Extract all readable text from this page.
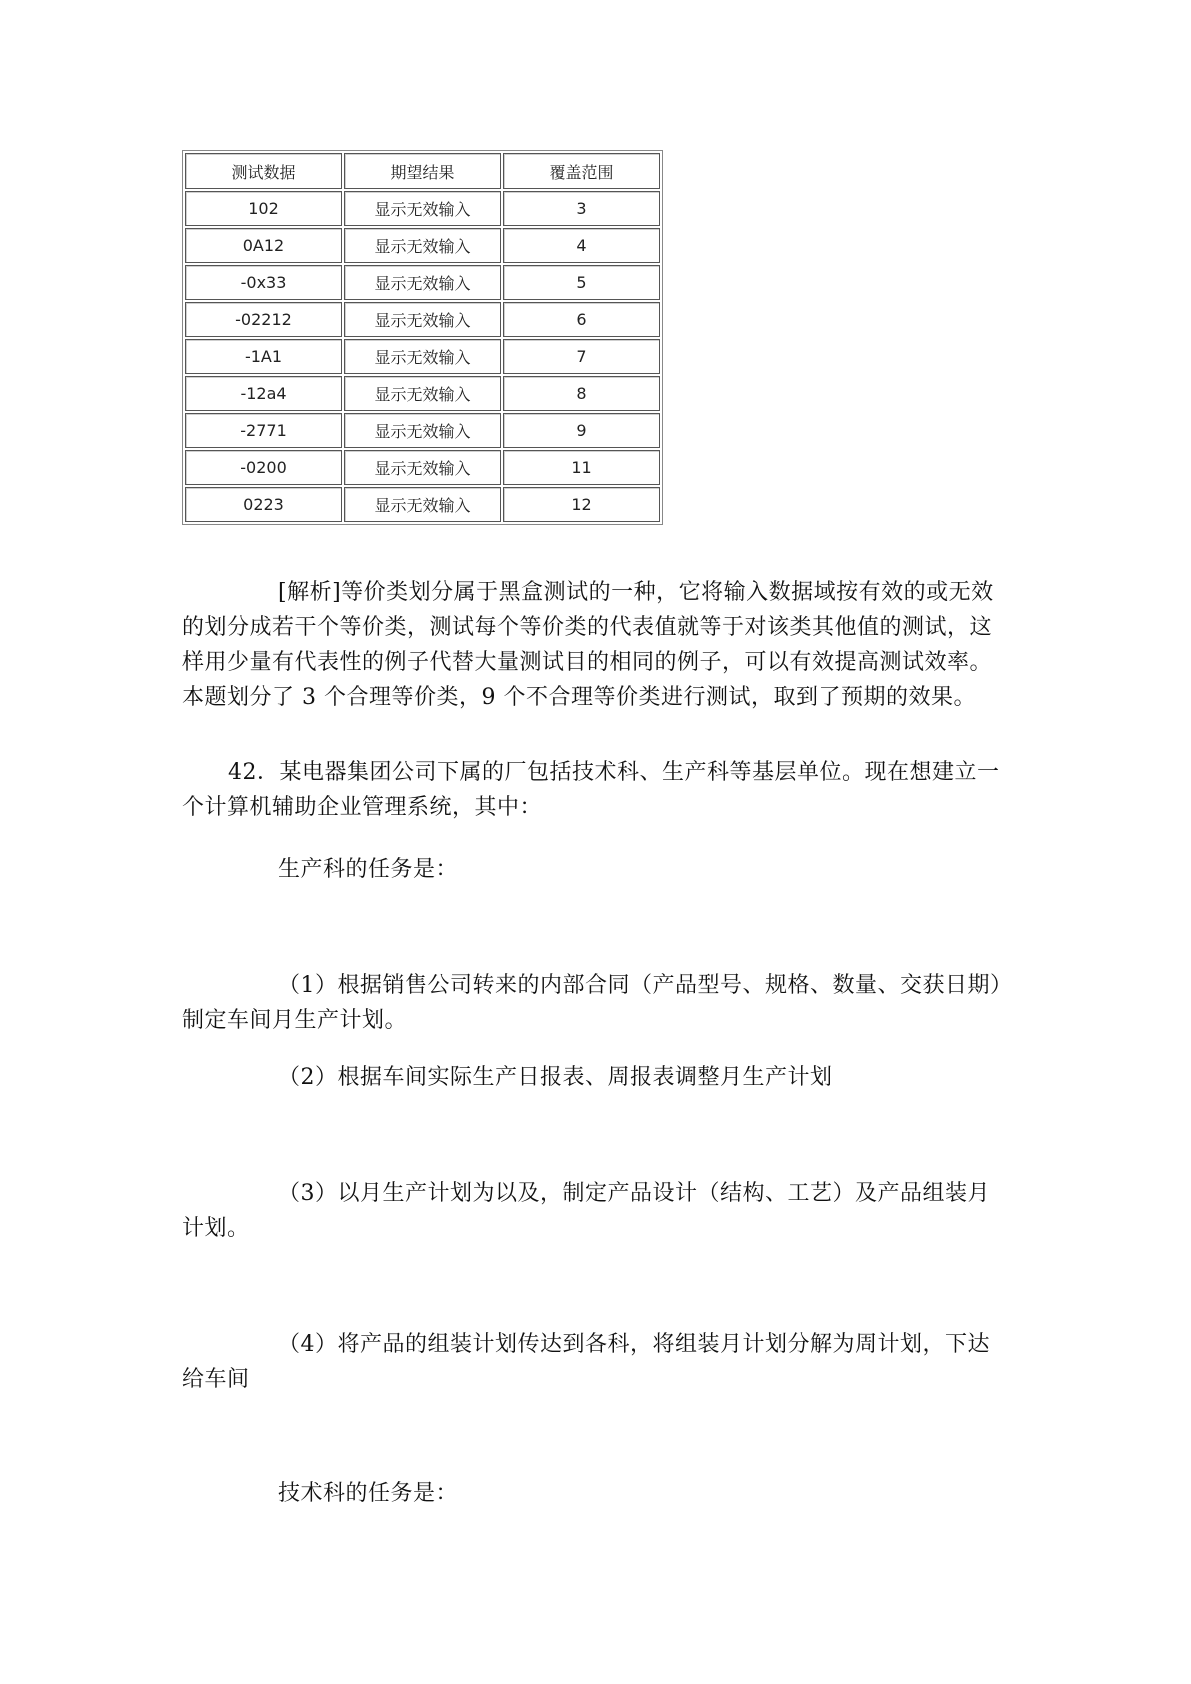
测试数据	期望结果	覆盖范围
102	显示无效输入	3
0A12	显示无效输入	4
-0x33	显示无效输入	5
-02212	显示无效输入	6
-1A1	显示无效输入	7
-12a4	显示无效输入	8
-2771	显示无效输入	9
-0200	显示无效输入	11
0223	显示无效输入	12

[解析]等价类划分属于黑盒测试的一种，它将输入数据域按有效的或无效的划分成若干个等价类，测试每个等价类的代表值就等于对该类其他值的测试，这样用少量有代表性的例子代替大量测试目的相同的例子，可以有效提高测试效率。本题划分了 3 个合理等价类，9 个不合理等价类进行测试，取到了预期的效果。

42．某电器集团公司下属的厂包括技术科、生产科等基层单位。现在想建立一个计算机辅助企业管理系统，其中：

生产科的任务是：

（1）根据销售公司转来的内部合同（产品型号、规格、数量、交获日期）制定车间月生产计划。

（2）根据车间实际生产日报表、周报表调整月生产计划

（3）以月生产计划为以及，制定产品设计（结构、工艺）及产品组装月计划。

（4）将产品的组装计划传达到各科，将组装月计划分解为周计划，下达给车间

技术科的任务是：
